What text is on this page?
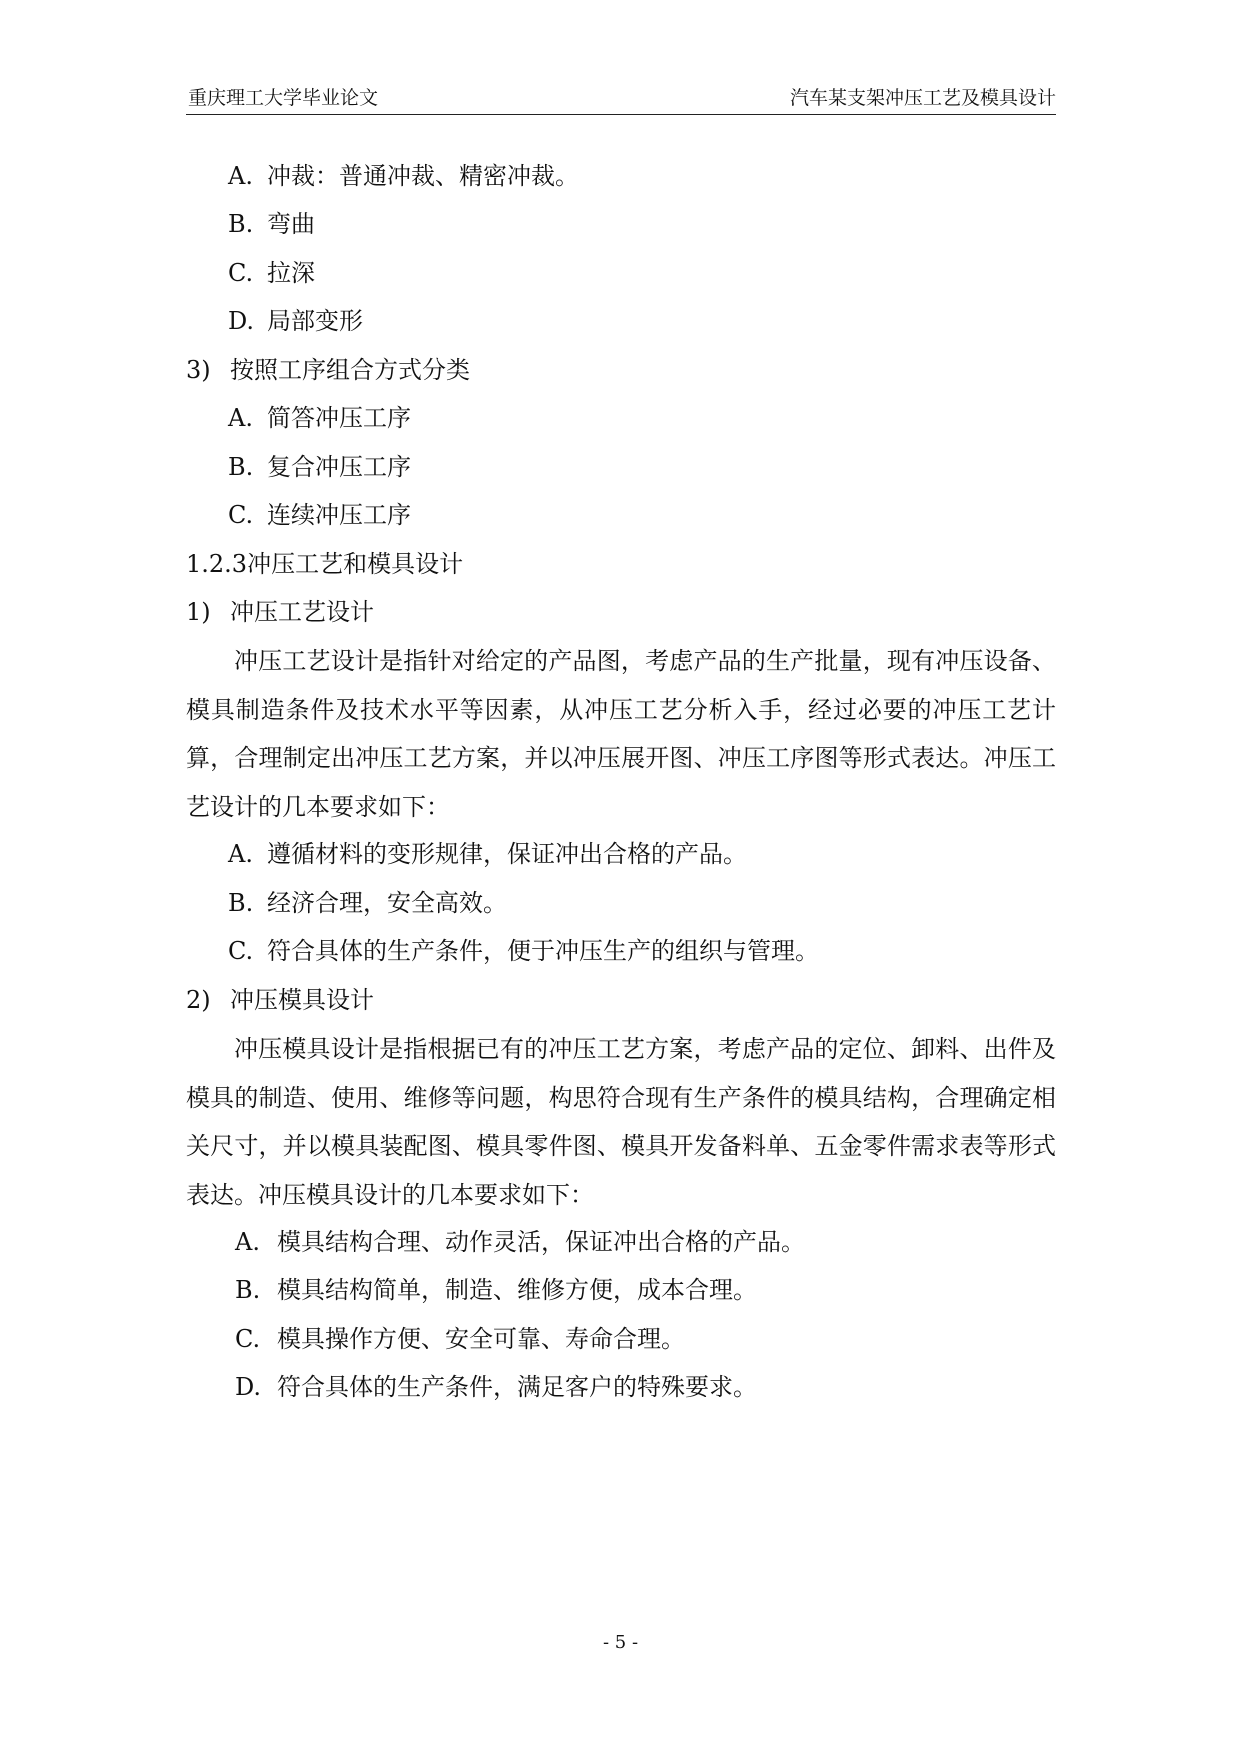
重庆理工大学毕业论文	汽车某支架冲压工艺及模具设计
A. 冲裁：普通冲裁、精密冲裁。
B. 弯曲
C. 拉深
D. 局部变形
3) 按照工序组合方式分类
A. 简答冲压工序
B. 复合冲压工序
C. 连续冲压工序
1.2.3冲压工艺和模具设计
1) 冲压工艺设计
冲压工艺设计是指针对给定的产品图，考虑产品的生产批量，现有冲压设备、模具制造条件及技术水平等因素，从冲压工艺分析入手，经过必要的冲压工艺计算，合理制定出冲压工艺方案，并以冲压展开图、冲压工序图等形式表达。冲压工艺设计的几本要求如下：
A. 遵循材料的变形规律，保证冲出合格的产品。
B. 经济合理，安全高效。
C. 符合具体的生产条件，便于冲压生产的组织与管理。
2) 冲压模具设计
冲压模具设计是指根据已有的冲压工艺方案，考虑产品的定位、卸料、出件及模具的制造、使用、维修等问题，构思符合现有生产条件的模具结构，合理确定相关尺寸，并以模具装配图、模具零件图、模具开发备料单、五金零件需求表等形式表达。冲压模具设计的几本要求如下：
A. 模具结构合理、动作灵活，保证冲出合格的产品。
B. 模具结构简单，制造、维修方便，成本合理。
C. 模具操作方便、安全可靠、寿命合理。
D. 符合具体的生产条件，满足客户的特殊要求。
- 5 -
